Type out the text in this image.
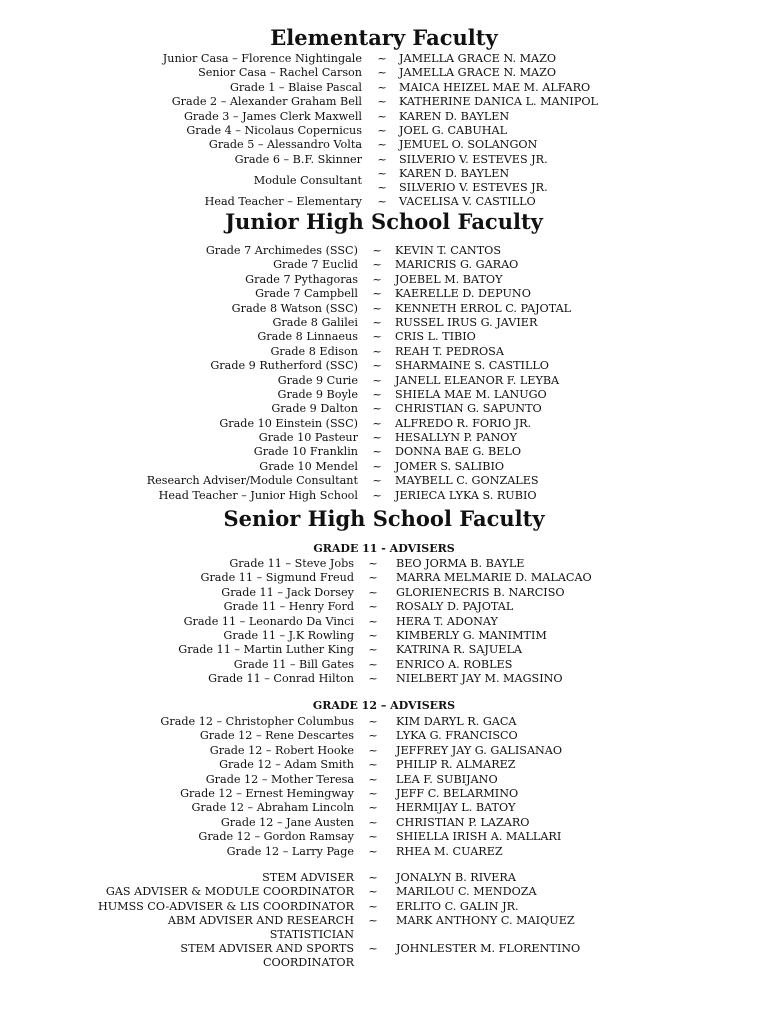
Elementary Faculty
Junior Casa – Florence Nightingale ~ JAMELLA GRACE N. MAZO
Senior Casa – Rachel Carson ~ JAMELLA GRACE N. MAZO
Grade 1 – Blaise Pascal ~ MAICA HEIZEL MAE M. ALFARO
Grade 2 – Alexander Graham Bell ~ KATHERINE DANICA L. MANIPOL
Grade 3 – James Clerk Maxwell ~ KAREN D. BAYLEN
Grade 4 – Nicolaus Copernicus ~ JOEL G. CABUHAL
Grade 5 – Alessandro Volta ~ JEMUEL O. SOLANGON
Grade 6 – B.F. Skinner ~ SILVERIO V. ESTEVES JR.
Module Consultant
~ KAREN D. BAYLEN
~ SILVERIO V. ESTEVES JR.
Head Teacher – Elementary ~ VACELISA V. CASTILLO
Junior High School Faculty
Grade 7 Archimedes (SSC) ~ KEVIN T. CANTOS
Grade 7 Euclid ~ MARICRIS G. GARAO
Grade 7 Pythagoras ~ JOEBEL M. BATOY
Grade 7 Campbell ~ KAERELLE D. DEPUNO
Grade 8 Watson (SSC) ~ KENNETH ERROL C. PAJOTAL
Grade 8 Galilei ~ RUSSEL IRUS G. JAVIER
Grade 8 Linnaeus ~ CRIS L. TIBIO
Grade 8 Edison ~ REAH T. PEDROSA
Grade 9 Rutherford (SSC) ~ SHARMAINE S. CASTILLO
Grade 9 Curie ~ JANELL ELEANOR F. LEYBA
Grade 9 Boyle ~ SHIELA MAE M. LANUGO
Grade 9 Dalton ~ CHRISTIAN G. SAPUNTO
Grade 10 Einstein (SSC) ~ ALFREDO R. FORIO JR.
Grade 10 Pasteur ~ HESALLYN P. PANOY
Grade 10 Franklin ~ DONNA BAE G. BELO
Grade 10 Mendel ~ JOMER S. SALIBIO
Research Adviser/Module Consultant ~ MAYBELL C. GONZALES
Head Teacher – Junior High School ~ JERIECA LYKA S. RUBIO
Senior High School Faculty
GRADE 11 - ADVISERS
Grade 11 – Steve Jobs ~ BEO JORMA B. BAYLE
Grade 11 – Sigmund Freud ~ MARRA MELMARIE D. MALACAO
Grade 11 – Jack Dorsey ~ GLORIENECRIS B. NARCISO
Grade 11 – Henry Ford ~ ROSALY D. PAJOTAL
Grade 11 – Leonardo Da Vinci ~ HERA T. ADONAY
Grade 11 – J.K Rowling ~ KIMBERLY G. MANIMTIM
Grade 11 – Martin Luther King ~ KATRINA R. SAJUELA
Grade 11 – Bill Gates ~ ENRICO A. ROBLES
Grade 11 – Conrad Hilton ~ NIELBERT JAY M. MAGSINO
GRADE 12 – ADVISERS
Grade 12 – Christopher Columbus ~ KIM DARYL R. GACA
Grade 12 – Rene Descartes ~ LYKA G. FRANCISCO
Grade 12 – Robert Hooke ~ JEFFREY JAY G. GALISANAO
Grade 12 – Adam Smith ~ PHILIP R. ALMAREZ
Grade 12 – Mother Teresa ~ LEA F. SUBIJANO
Grade 12 – Ernest Hemingway ~ JEFF C. BELARMINO
Grade 12 – Abraham Lincoln ~ HERMIJAY L. BATOY
Grade 12 – Jane Austen ~ CHRISTIAN P. LAZARO
Grade 12 – Gordon Ramsay ~ SHIELLA IRISH A. MALLARI
Grade 12 – Larry Page ~ RHEA M. CUAREZ
STEM ADVISER ~ JONALYN B. RIVERA
GAS ADVISER & MODULE COORDINATOR ~ MARILOU C. MENDOZA
HUMSS CO-ADVISER & LIS COORDINATOR ~ ERLITO C. GALIN JR.
ABM ADVISER AND RESEARCH STATISTICIAN
~ MARK ANTHONY C. MAIQUEZ
STEM ADVISER AND SPORTS COORDINATOR
~ JOHNLESTER M. FLORENTINO
